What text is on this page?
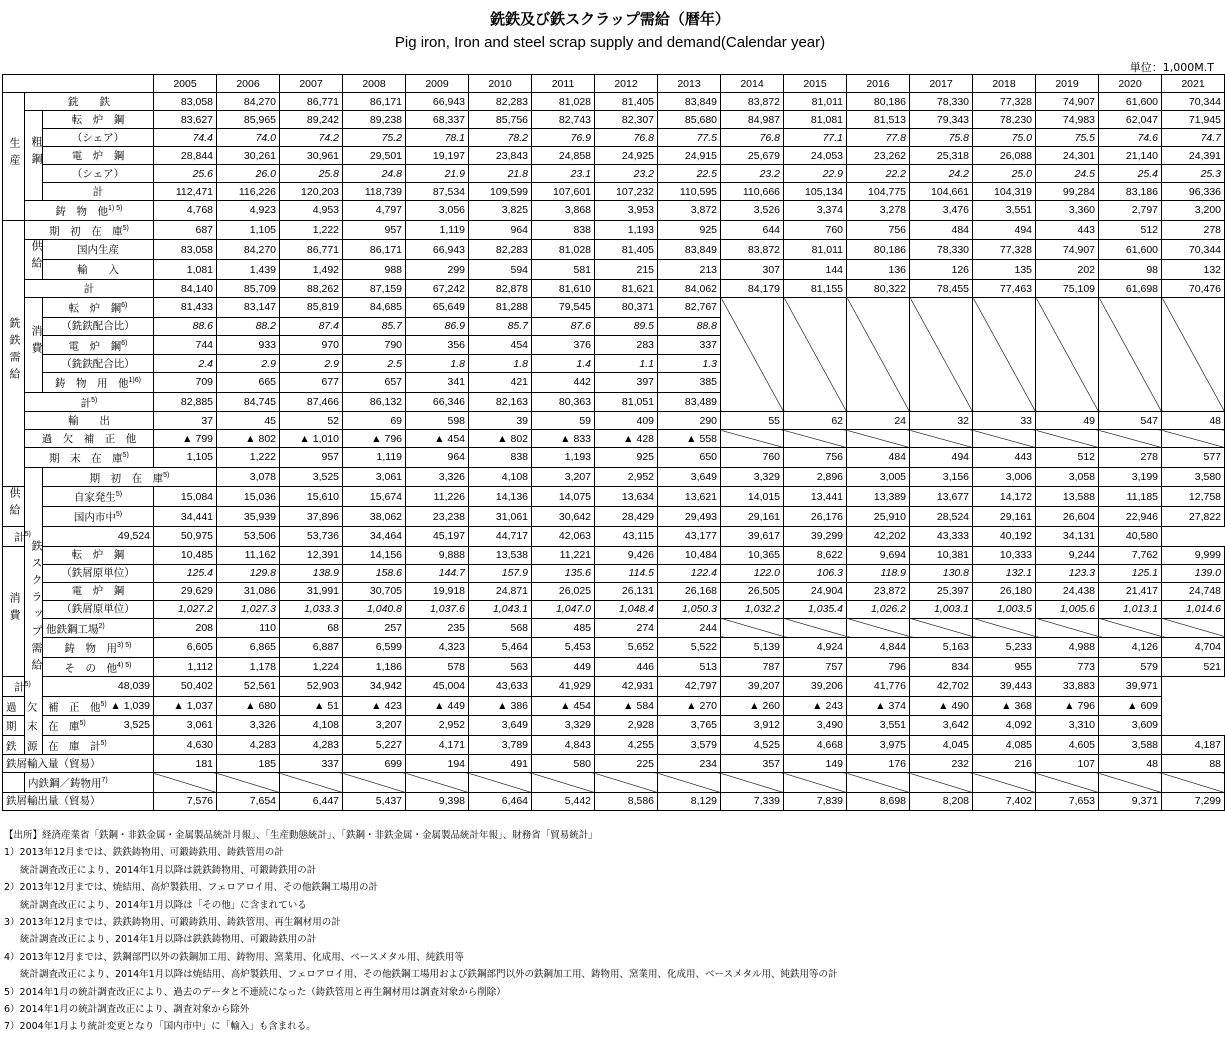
銑鉄及び鉄スクラップ需給（暦年）
Pig iron, Iron and steel scrap supply and demand(Calendar year)
単位：1,000M.T
			2005	2006	2007	2008	2009	2010	2011	2012	2013	2014	2015	2016	2017	2018	2019	2020	2021	
生産	銑　　鉄		83,058	84,270	86,771	86,171	66,943	82,283	81,028	81,405	83,849	83,872	81,011	80,186	78,330	77,328	74,907	61,600	70,344	
	粗鋼	転　炉　鋼	83,627	85,965	89,242	89,238	68,337	85,756	82,743	82,307	85,680	84,987	81,081	81,513	79,343	78,230	74,983	62,047	71,945	
		（シェア）	74.4	74.0	74.2	75.2	78.1	78.2	76.9	76.8	77.5	76.8	77.1	77.8	75.8	75.0	75.5	74.6	74.7	
		電　炉　鋼	28,844	30,261	30,961	29,501	19,197	23,843	24,858	24,925	24,915	25,679	24,053	23,262	25,318	26,088	24,301	21,140	24,391	
		（シェア）	25.6	26.0	25.8	24.8	21.9	21.8	23.1	23.2	22.5	23.2	22.9	22.2	24.2	25.0	24.5	25.4	25.3	
		計	112,471	116,226	120,203	118,739	87,534	109,599	107,601	107,232	110,595	110,666	105,134	104,775	104,661	104,319	99,284	83,186	96,336	
	鋳　物　他$^{1) 5)}$		4,768	4,923	4,953	4,797	3,056	3,825	3,868	3,953	3,872	3,526	3,374	3,278	3,476	3,551	3,360	2,797	3,200	
銑鉄需給	期　初　在　庫$^{5)}$		687	1,105	1,222	957	1,119	964	838	1,193	925	644	760	756	484	494	443	512	278	
	供給	国内生産	83,058	84,270	86,771	86,171	66,943	82,283	81,028	81,405	83,849	83,872	81,011	80,186	78,330	77,328	74,907	61,600	70,344	
		輸　　入	1,081	1,439	1,492	988	299	594	581	215	213	307	144	136	126	135	202	98	132	
	計		84,140	85,709	88,262	87,159	67,242	82,878	81,610	81,621	84,062	84,179	81,155	80,322	78,455	77,463	75,109	61,698	70,476	
	消費	転　炉　鋼$^{6)}$	81,433	83,147	85,819	84,685	65,649	81,288	79,545	80,371	82,767									
		（銑鉄配合比）	88.6	88.2	87.4	85.7	86.9	85.7	87.6	89.5	88.8									
		電　炉　鋼$^{6)}$	744	933	970	790	356	454	376	283	337									
		（銑鉄配合比）	2.4	2.9	2.9	2.5	1.8	1.8	1.4	1.1	1.3									
		鋳　物　用　他$^{1)6)}$	709	665	677	657	341	421	442	397	385									
	計$^{5)}$		82,885	84,745	87,466	86,132	66,346	82,163	80,363	81,051	83,489									
	輸　　出		37	45	52	69	598	39	59	409	290	55	62	24	32	33	49	547	48	
	過　欠　補　正　他		▲ 799	▲ 802	▲ 1,010	▲ 796	▲ 454	▲ 802	▲ 833	▲ 428	▲ 558									
	期　末　在　庫$^{5)}$		1,105	1,222	957	1,119	964	838	1,193	925	650	760	756	484	494	443	512	278	577	
	鉄スクラップ需給	期　初　在　庫$^{5)}$		3,078	3,525	3,061	3,326	4,108	3,207	2,952	3,649	3,329	2,896	3,005	3,156	3,006	3,058	3,199	3,580	
供給		自家発生$^{5)}$	15,084	15,036	15,610	15,674	11,226	14,136	14,075	13,634	13,621	14,015	13,441	13,389	13,677	14,172	13,588	11,185	12,758	
		国内市中$^{5)}$	34,441	35,939	37,896	38,062	23,238	31,061	30,642	28,429	29,493	29,161	26,176	25,910	28,524	29,161	26,604	22,946	27,822	
計$^{5)}$		49,524	50,975	53,506	53,736	34,464	45,197	44,717	42,063	43,115	43,177	39,617	39,299	42,202	43,333	40,192	34,131	40,580		
消費		転　炉　鋼	10,485	11,162	12,391	14,156	9,888	13,538	11,221	9,426	10,484	10,365	8,622	9,694	10,381	10,333	9,244	7,762	9,999	
		（鉄屑原単位）	125.4	129.8	138.9	158.6	144.7	157.9	135.6	114.5	122.4	122.0	106.3	118.9	130.8	132.1	123.3	125.1	139.0	
		電　炉　鋼	29,629	31,086	31,991	30,705	19,918	24,871	26,025	26,131	26,168	26,505	24,904	23,872	25,397	26,180	24,438	21,417	24,748	
		（鉄屑原単位）	1,027.2	1,027.3	1,033.3	1,040.8	1,037.6	1,043.1	1,047.0	1,048.4	1,050.3	1,032.2	1,035.4	1,026.2	1,003.1	1,003.5	1,005.6	1,013.1	1,014.6	
		他鉄鋼工場$^{2)}$	208	110	68	257	235	568	485	274	244									
		鋳　物　用$^{3) 5)}$	6,605	6,865	6,887	6,599	4,323	5,464	5,453	5,652	5,522	5,139	4,924	4,844	5,163	5,233	4,988	4,126	4,704	
		そ　の　他$^{4) 5)}$	1,112	1,178	1,224	1,186	578	563	449	446	513	787	757	796	834	955	773	579	521	
計$^{5)}$		48,039	50,402	52,561	52,903	34,942	45,004	43,633	41,929	42,931	42,797	39,207	39,206	41,776	42,702	39,443	33,883	39,971		
過　欠　補　正　他$^{5)}$		▲ 1,039	▲ 1,037	▲ 680	▲ 51	▲ 423	▲ 449	▲ 386	▲ 454	▲ 584	▲ 270	▲ 260	▲ 243	▲ 374	▲ 490	▲ 368	▲ 796	▲ 609		
期　末　在　庫$^{5)}$		3,525	3,061	3,326	4,108	3,207	2,952	3,649	3,329	2,928	3,765	3,912	3,490	3,551	3,642	4,092	3,310	3,609		
鉄　源　在　庫　計$^{5)}$			4,630	4,283	4,283	5,227	4,171	3,789	4,843	4,255	3,579	4,525	4,668	3,975	4,045	4,085	4,605	3,588	4,187	
鉄屑輸入量（貿易）			181	185	337	699	194	491	580	225	234	357	149	176	232	216	107	48	88	
	内鉄鋼／鋳物用$^{7)}$																	
鉄屑輸出量（貿易）			7,576	7,654	6,447	5,437	9,398	6,464	5,442	8,586	8,129	7,339	7,839	8,698	8,208	7,402	7,653	9,371	7,299	
【出所】経済産業省「鉄鋼・非鉄金属・金属製品統計月報」、「生産動態統計」、「鉄鋼・非鉄金属・金属製品統計年報」、財務省「貿易統計」
1）2013年12月までは、鉄鉄鋳物用、可鍛鋳鉄用、鋳鉄管用の計
統計調査改正により、2014年1月以降は銑鉄鋳物用、可鍛鋳鉄用の計
2）2013年12月までは、焼結用、高炉製鉄用、フェロアロイ用、その他鉄鋼工場用の計
統計調査改正により、2014年1月以降は「その他」に含まれている
3）2013年12月までは、鉄鉄鋳物用、可鍛鋳鉄用、鋳鉄管用、再生鋼材用の計
統計調査改正により、2014年1月以降は鉄鉄鋳物用、可鍛鋳鉄用の計
4）2013年12月までは、鉄鋼部門以外の鉄鋼加工用、鋳物用、窯業用、化成用、ベースメタル用、純鉄用等
統計調査改正により、2014年1月以降は焼結用、高炉製鉄用、フェロアロイ用、その他鉄鋼工場用および鉄鋼部門以外の鉄鋼加工用、鋳物用、窯業用、化成用、ベースメタル用、純鉄用等の計
5）2014年1月の統計調査改正により、過去のデータと不連続になった（鋳鉄管用と再生鋼材用は調査対象から削除）
6）2014年1月の統計調査改正により、調査対象から除外
7）2004年1月より統計変更となり「国内市中」に「輸入」も含まれる。
